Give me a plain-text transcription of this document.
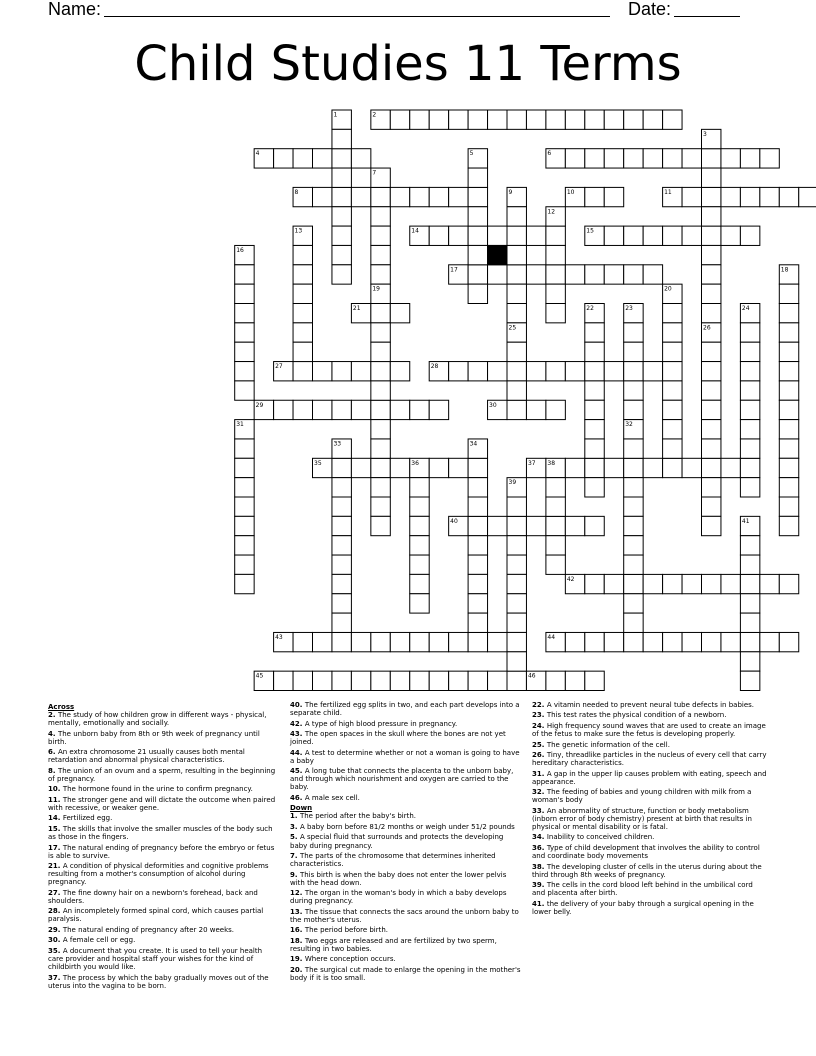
Name:	Date:
Child Studies 11 Terms
2
4	6
8	10	11
14	15
17
21
27	28
29	30
35	36	37
40
42
43	44
45	46
1
3
5
7
9
12
13
16
18
19	20
22	23	24
25	26
31	32
33	34
38
39
41
Across
2. The study of how children grow in different ways - physical, mentally, emotionally and socially.
4. The unborn baby from 8th or 9th week of pregnancy until birth.
6. An extra chromosome 21 usually causes both mental retardation and abnormal physical characteristics.
8. The union of an ovum and a sperm, resulting in the beginning of pregnancy.
10. The hormone found in the urine to confirm pregnancy.
11. The stronger gene and will dictate the outcome when paired with recessive, or weaker gene.
14. Fertilized egg.
15. The skills that involve the smaller muscles of the body such as those in the fingers.
17. The natural ending of pregnancy before the embryo or fetus is able to survive.
21. A condition of physical deformities and cognitive problems resulting from a mother's consumption of alcohol during pregnancy.
27. The fine downy hair on a newborn's forehead, back and shoulders.
28. An incompletely formed spinal cord, which causes partial paralysis.
29. The natural ending of pregnancy after 20 weeks.
30. A female cell or egg.
35. A document that you create. It is used to tell your health care provider and hospital staff your wishes for the kind of childbirth you would like.
37. The process by which the baby gradually moves out of the uterus into the vagina to be born.
40. The fertilized egg splits in two, and each part develops into a separate child.
42. A type of high blood pressure in pregnancy.
43. The open spaces in the skull where the bones are not yet joined.
44. A test to determine whether or not a woman is going to have a baby
45. A long tube that connects the placenta to the unborn baby, and through which nourishment and oxygen are carried to the baby.
46. A male sex cell.
Down
1. The period after the baby's birth.
3. A baby born before 81/2 months or weigh under 51/2 pounds
5. A special fluid that surrounds and protects the developing baby during pregnancy.
7. The parts of the chromosome that determines inherited characteristics.
9. This birth is when the baby does not enter the lower pelvis with the head down.
12. The organ in the woman's body in which a baby develops during pregnancy.
13. The tissue that connects the sacs around the unborn baby to the mother's uterus.
16. The period before birth.
18. Two eggs are released and are fertilized by two sperm, resulting in two babies.
19. Where conception occurs.
20. The surgical cut made to enlarge the opening in the mother's body if it is too small.
22. A vitamin needed to prevent neural tube defects in babies.
23. This test rates the physical condition of a newborn.
24. High frequency sound waves that are used to create an image of the fetus to make sure the fetus is developing properly.
25. The genetic information of the cell.
26. Tiny, threadlike particles in the nucleus of every cell that carry hereditary characteristics.
31. A gap in the upper lip causes problem with eating, speech and appearance.
32. The feeding of babies and young children with milk from a woman's body
33. An abnormality of structure, function or body metabolism (inborn error of body chemistry) present at birth that results in physical or mental disability or is fatal.
34. Inability to conceived children.
36. Type of child development that involves the ability to control and coordinate body movements
38. The developing cluster of cells in the uterus during about the third through 8th weeks of pregnancy.
39. The cells in the cord blood left behind in the umbilical cord and placenta after birth.
41. the delivery of your baby through a surgical opening in the lower belly.
